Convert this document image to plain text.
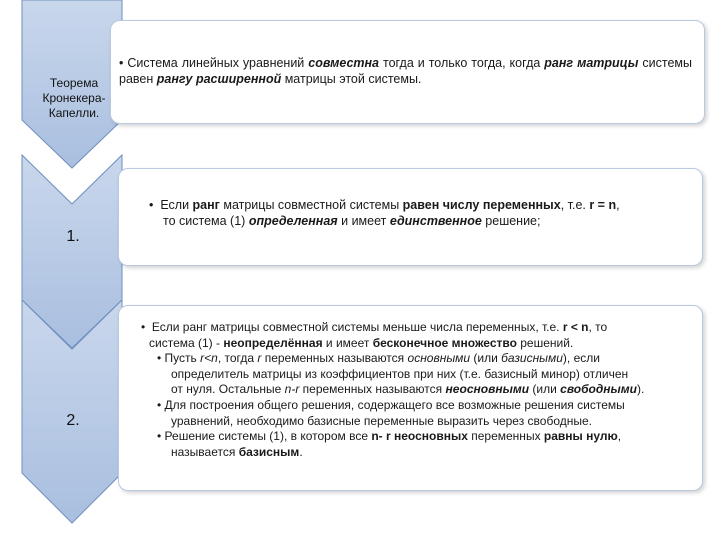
Теорема
Кронекера-
Капелли.
1.
2.
• Система линейных уравнений совместна тогда и только тогда, когда ранг матрицы системы равен рангу расширенной матрицы этой системы.
• Если ранг матрицы совместной системы равен числу переменных, т.е. r = n,
то система (1) определенная и имеет единственное решение;
• Если ранг матрицы совместной системы меньше числа переменных, т.е. r < n, то
система (1) - неопределённая и имеет бесконечное множество решений.
• Пусть r<n, тогда r переменных называются основными (или базисными), если
определитель матрицы из коэффициентов при них (т.е. базисный минор) отличен
от нуля. Остальные n-r переменных называются неосновными (или свободными).
• Для построения общего решения, содержащего все возможные решения системы
уравнений, необходимо базисные переменные выразить через свободные.
• Решение системы (1), в котором все n- r неосновных переменных равны нулю,
называется базисным.
